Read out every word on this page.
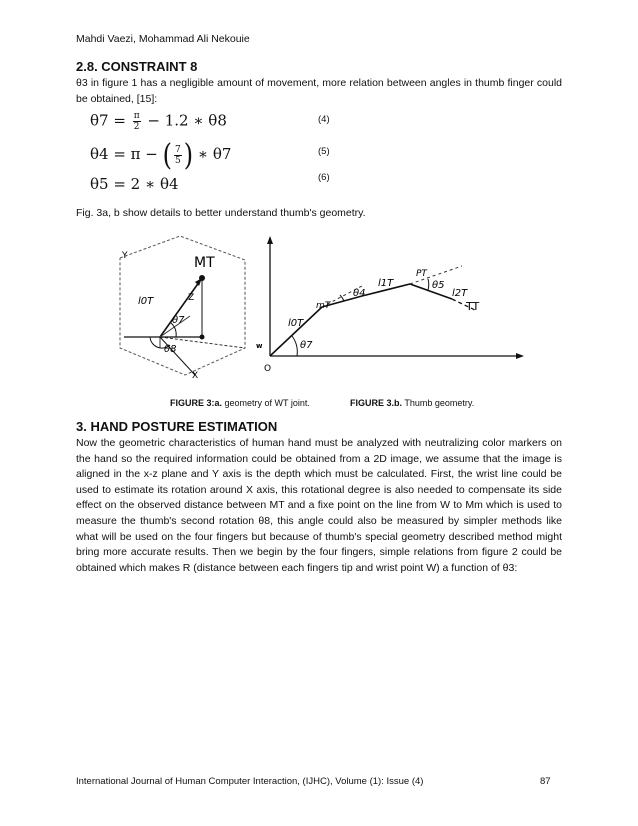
Mahdi Vaezi, Mohammad Ali Nekouie
2.8. CONSTRAINT 8
θ3 in figure 1 has a negligible amount of movement, more relation between angles in thumb finger could be obtained, [15]:
$\theta 7 = \frac{\pi}{2} - 1.2$ ∗ θ8	(4)
θ4 = π − ( $\frac{7}{5}$ ) ∗ θ7	(5)
θ5 = 2 ∗ θ4	(6)
Fig. 3a, b show details to better understand thumb's geometry.
MT
Y
Z
X
l0T
θ7
θ8	w
O
l0T
θ7
mT
θ4
l1T
PT
θ5
l2T
TT
FIGURE 3:a. geometry of WT joint.	FIGURE 3.b. Thumb geometry.
3. HAND POSTURE ESTIMATION
Now the geometric characteristics of human hand must be analyzed with neutralizing color markers on the hand so the required information could be obtained from a 2D image, we assume that the image is aligned in the x-z plane and Y axis is the depth which must be calculated. First, the wrist line could be used to estimate its rotation around X axis, this rotational degree is also needed to compensate its side effect on the observed distance between MT and a fixe point on the line from W to Mm which is used to measure the thumb's second rotation θ8, this angle could also be measured by simpler methods like what will be used on the four fingers but because of thumb's special geometry described method might bring more accurate results. Then we begin by the four fingers, simple relations from figure 2 could be obtained which makes R (distance between each fingers tip and wrist point W) a function of θ3:
International Journal of Human Computer Interaction, (IJHC), Volume (1): Issue (4)	87
